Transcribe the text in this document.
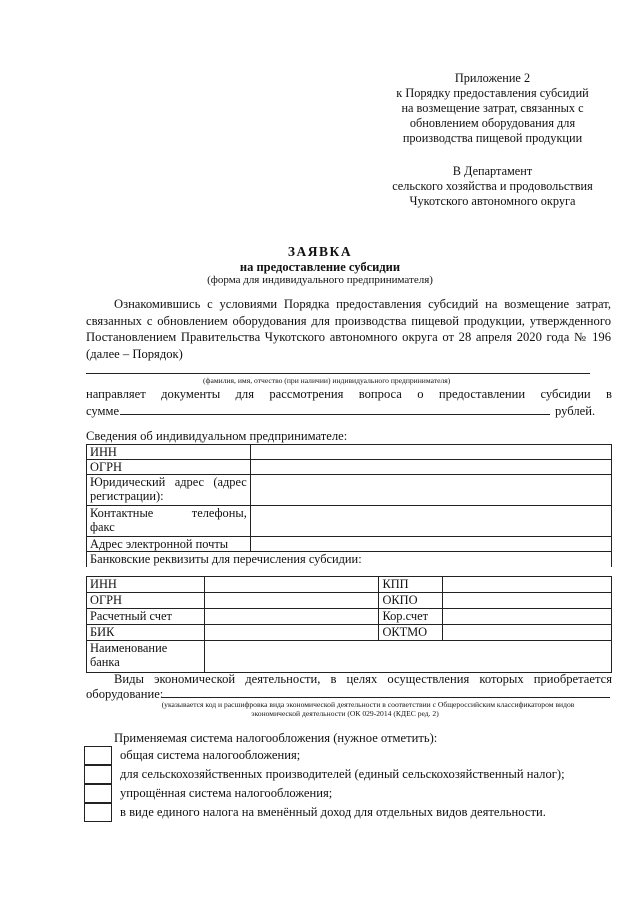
Приложение 2
к Порядку предоставления субсидий
на возмещение затрат, связанных с
обновлением оборудования для
производства пищевой продукции
В Департамент
сельского хозяйства и продовольствия
Чукотского автономного округа
ЗАЯВКА
на предоставление субсидии
(форма для индивидуального предпринимателя)
Ознакомившись с условиями Порядка предоставления субсидий на возмещение затрат,
связанных с обновлением оборудования для производства пищевой продукции, утвержденного
Постановлением Правительства Чукотского автономного округа от 28 апреля 2020 года № 196
(далее – Порядок)
(фамилия, имя, отчество (при наличии) индивидуального предпринимателя)
направляет документы для рассмотрения вопроса о предоставлении субсидии в
сумме	рублей.
Сведения об индивидуальном предпринимателе:
ИНН	
ОГРН	

Юридический адрес (адрес
регистрации):	

Контактные телефоны,
факс	

Адрес электронной почты	
Банковские реквизиты для перечисления субсидии:	
ИНН		КПП	
ОГРН		ОКПО	
Расчетный счет		Кор.счет	
БИК		ОКТМО	

Наименование
банка			

Виды экономической деятельности, в целях осуществления которых приобретается
оборудование:
(указывается код и расшифровка вида экономической деятельности в соответствии с Общероссийским классификатором видов
экономической деятельности (ОК 029-2014 (КДЕС ред. 2)
Применяемая система налогообложения (нужное отметить):
общая система налогообложения;
для сельскохозяйственных производителей (единый сельскохозяйственный налог);
упрощённая система налогообложения;
в виде единого налога на вменённый доход для отдельных видов деятельности.
